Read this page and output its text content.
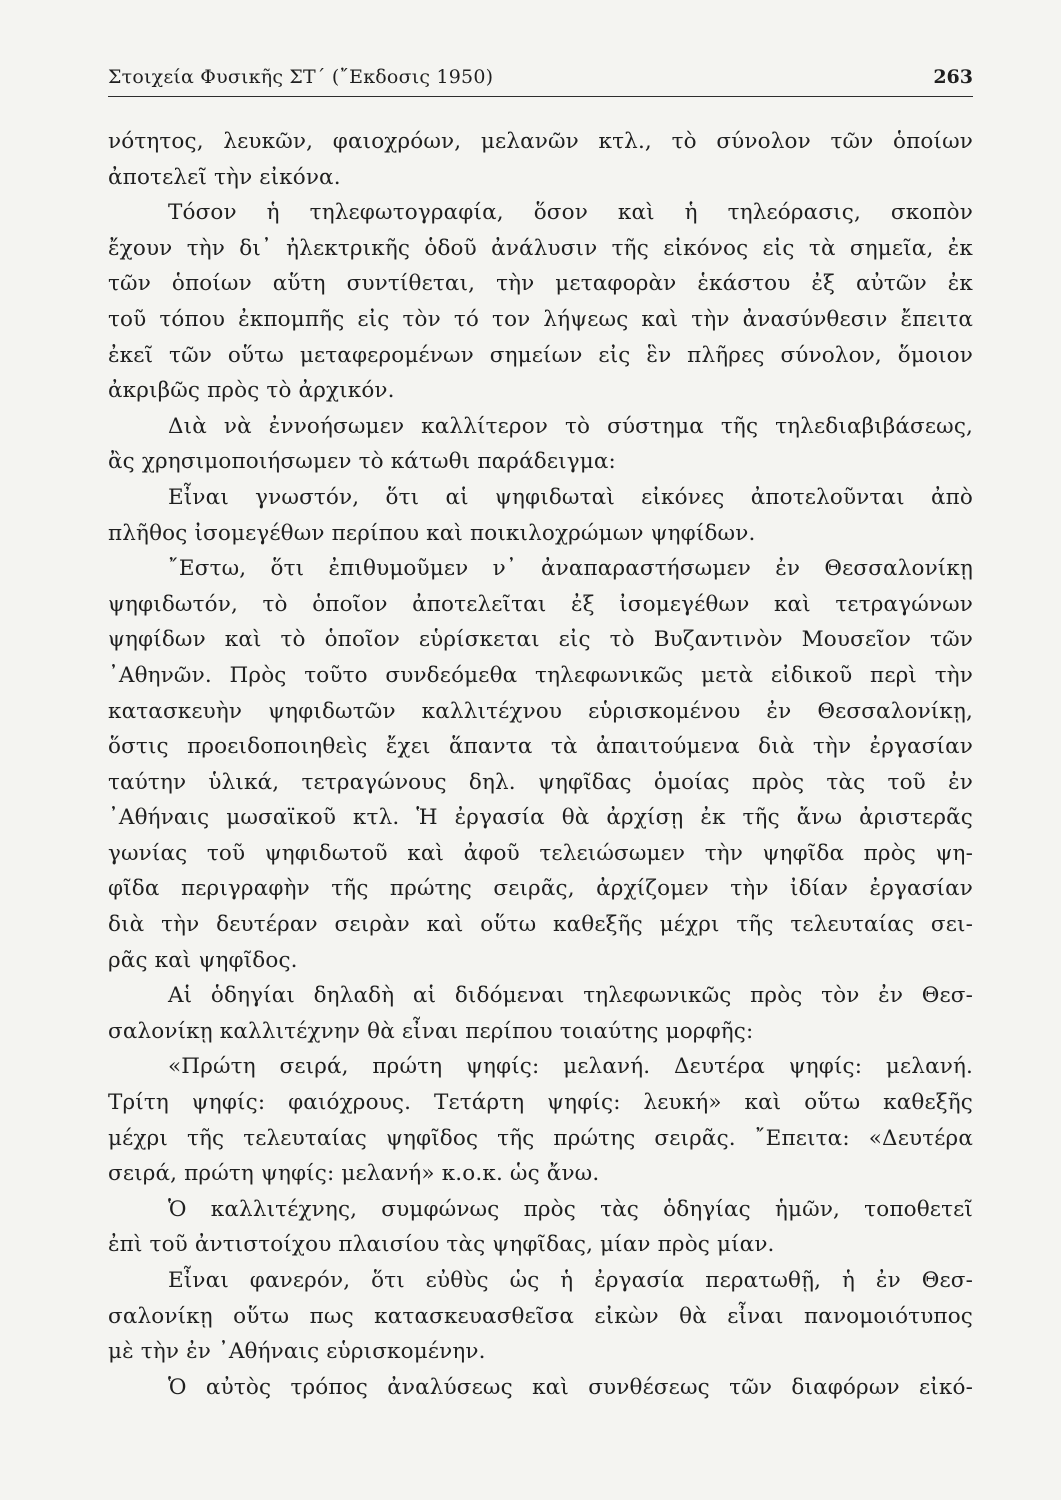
Στοιχεία Φυσικῆς ΣΤ΄ (῎Εκδοσις 1950)	263
νότητος, λευκῶν, φαιοχρόων, μελανῶν κτλ., τὸ σύνολον τῶν ὁποίων
ἀποτελεῖ τὴν εἰκόνα.
Τόσον ἡ τηλεφωτογραφία, ὅσον καὶ ἡ τηλεόρασις, σκοπὸν
ἔχουν τὴν δι᾽ ἠλεκτρικῆς ὁδοῦ ἀνάλυσιν τῆς εἰκόνος εἰς τὰ σημεῖα, ἐκ
τῶν ὁποίων αὕτη συντίθεται, τὴν μεταφορὰν ἑκάστου ἐξ αὐτῶν ἐκ
τοῦ τόπου ἐκπομπῆς εἰς τὸν τό τον λήψεως καὶ τὴν ἀνασύνθεσιν ἔπειτα
ἐκεῖ τῶν οὕτω μεταφερομένων σημείων εἰς ἓν πλῆρες σύνολον, ὅμοιον
ἀκριβῶς πρὸς τὸ ἀρχικόν.
Διὰ νὰ ἐννοήσωμεν καλλίτερον τὸ σύστημα τῆς τηλεδιαβιβάσεως,
ἂς χρησιμοποιήσωμεν τὸ κάτωθι παράδειγμα:
Εἶναι γνωστόν, ὅτι αἱ ψηφιδωταὶ εἰκόνες ἀποτελοῦνται ἀπὸ
πλῆθος ἰσομεγέθων περίπου καὶ ποικιλοχρώμων ψηφίδων.
῎Εστω, ὅτι ἐπιθυμοῦμεν ν᾽ ἀναπαραστήσωμεν ἐν Θεσσαλονίκῃ
ψηφιδωτόν, τὸ ὁποῖον ἀποτελεῖται ἐξ ἰσομεγέθων καὶ τετραγώνων
ψηφίδων καὶ τὸ ὁποῖον εὑρίσκεται εἰς τὸ Βυζαντινὸν Μουσεῖον τῶν
᾽Αθηνῶν. Πρὸς τοῦτο συνδεόμεθα τηλεφωνικῶς μετὰ εἰδικοῦ περὶ τὴν
κατασκευὴν ψηφιδωτῶν καλλιτέχνου εὑρισκομένου ἐν Θεσσαλονίκῃ,
ὅστις προειδοποιηθεὶς ἔχει ἅπαντα τὰ ἀπαιτούμενα διὰ τὴν ἐργασίαν
ταύτην ὑλικά, τετραγώνους δηλ. ψηφῖδας ὁμοίας πρὸς τὰς τοῦ ἐν
᾽Αθήναις μωσαϊκοῦ κτλ. Ἡ ἐργασία θὰ ἀρχίσῃ ἐκ τῆς ἄνω ἀριστερᾶς
γωνίας τοῦ ψηφιδωτοῦ καὶ ἀφοῦ τελειώσωμεν τὴν ψηφῖδα πρὸς ψη-
φῖδα περιγραφὴν τῆς πρώτης σειρᾶς, ἀρχίζομεν τὴν ἰδίαν ἐργασίαν
διὰ τὴν δευτέραν σειρὰν καὶ οὕτω καθεξῆς μέχρι τῆς τελευταίας σει-
ρᾶς καὶ ψηφῖδος.
Αἱ ὁδηγίαι δηλαδὴ αἱ διδόμεναι τηλεφωνικῶς πρὸς τὸν ἐν Θεσ-
σαλονίκῃ καλλιτέχνην θὰ εἶναι περίπου τοιαύτης μορφῆς:
«Πρώτη σειρά, πρώτη ψηφίς: μελανή. Δευτέρα ψηφίς: μελανή.
Τρίτη ψηφίς: φαιόχρους. Τετάρτη ψηφίς: λευκή» καὶ οὕτω καθεξῆς
μέχρι τῆς τελευταίας ψηφῖδος τῆς πρώτης σειρᾶς. ῎Επειτα: «Δευτέρα
σειρά, πρώτη ψηφίς: μελανή» κ.ο.κ. ὡς ἄνω.
Ὁ καλλιτέχνης, συμφώνως πρὸς τὰς ὁδηγίας ἡμῶν, τοποθετεῖ
ἐπὶ τοῦ ἀντιστοίχου πλαισίου τὰς ψηφῖδας, μίαν πρὸς μίαν.
Εἶναι φανερόν, ὅτι εὐθὺς ὡς ἡ ἐργασία περατωθῇ, ἡ ἐν Θεσ-
σαλονίκῃ οὕτω πως κατασκευασθεῖσα εἰκὼν θὰ εἶναι πανομοιότυπος
μὲ τὴν ἐν ᾽Αθήναις εὑρισκομένην.
Ὁ αὐτὸς τρόπος ἀναλύσεως καὶ συνθέσεως τῶν διαφόρων εἰκό-
